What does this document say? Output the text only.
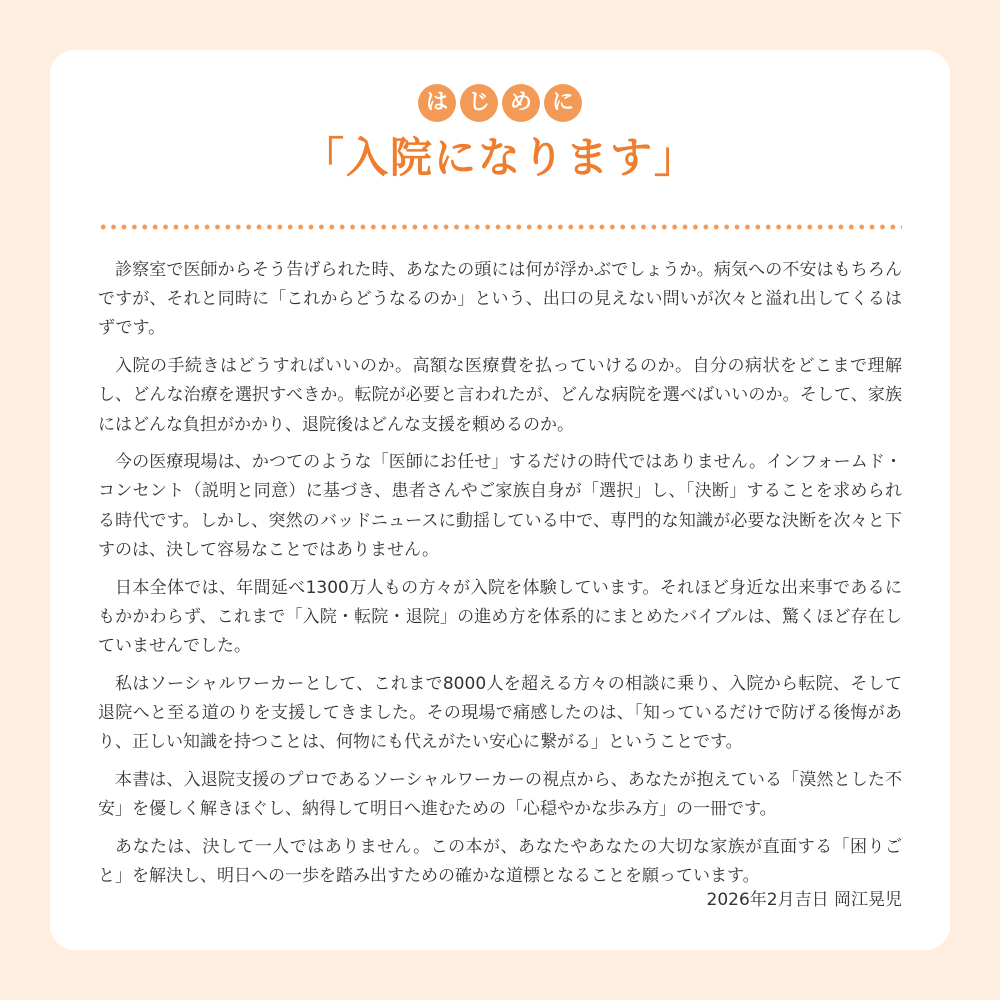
は じ め に
「入院になります」

診察室で医師からそう告げられた時、あなたの頭には何が浮かぶでしょうか。病気への不安はもちろんですが、それと同時に「これからどうなるのか」という、出口の見えない問いが次々と溢れ出してくるはずです。

入院の手続きはどうすればいいのか。高額な医療費を払っていけるのか。自分の病状をどこまで理解し、どんな治療を選択すべきか。転院が必要と言われたが、どんな病院を選べばいいのか。そして、家族にはどんな負担がかかり、退院後はどんな支援を頼めるのか。

今の医療現場は、かつてのような「医師にお任せ」するだけの時代ではありません。インフォームド・コンセント（説明と同意）に基づき、患者さんやご家族自身が「選択」し、「決断」することを求められる時代です。しかし、突然のバッドニュースに動揺している中で、専門的な知識が必要な決断を次々と下すのは、決して容易なことではありません。

日本全体では、年間延べ1300万人もの方々が入院を体験しています。それほど身近な出来事であるにもかかわらず、これまで「入院・転院・退院」の進め方を体系的にまとめたバイブルは、驚くほど存在していませんでした。

私はソーシャルワーカーとして、これまで8000人を超える方々の相談に乗り、入院から転院、そして退院へと至る道のりを支援してきました。その現場で痛感したのは、「知っているだけで防げる後悔があり、正しい知識を持つことは、何物にも代えがたい安心に繋がる」ということです。

本書は、入退院支援のプロであるソーシャルワーカーの視点から、あなたが抱えている「漠然とした不安」を優しく解きほぐし、納得して明日へ進むための「心穏やかな歩み方」の一冊です。

あなたは、決して一人ではありません。この本が、あなたやあなたの大切な家族が直面する「困りごと」を解決し、明日への一歩を踏み出すための確かな道標となることを願っています。

2026年2月吉日 岡江晃児
